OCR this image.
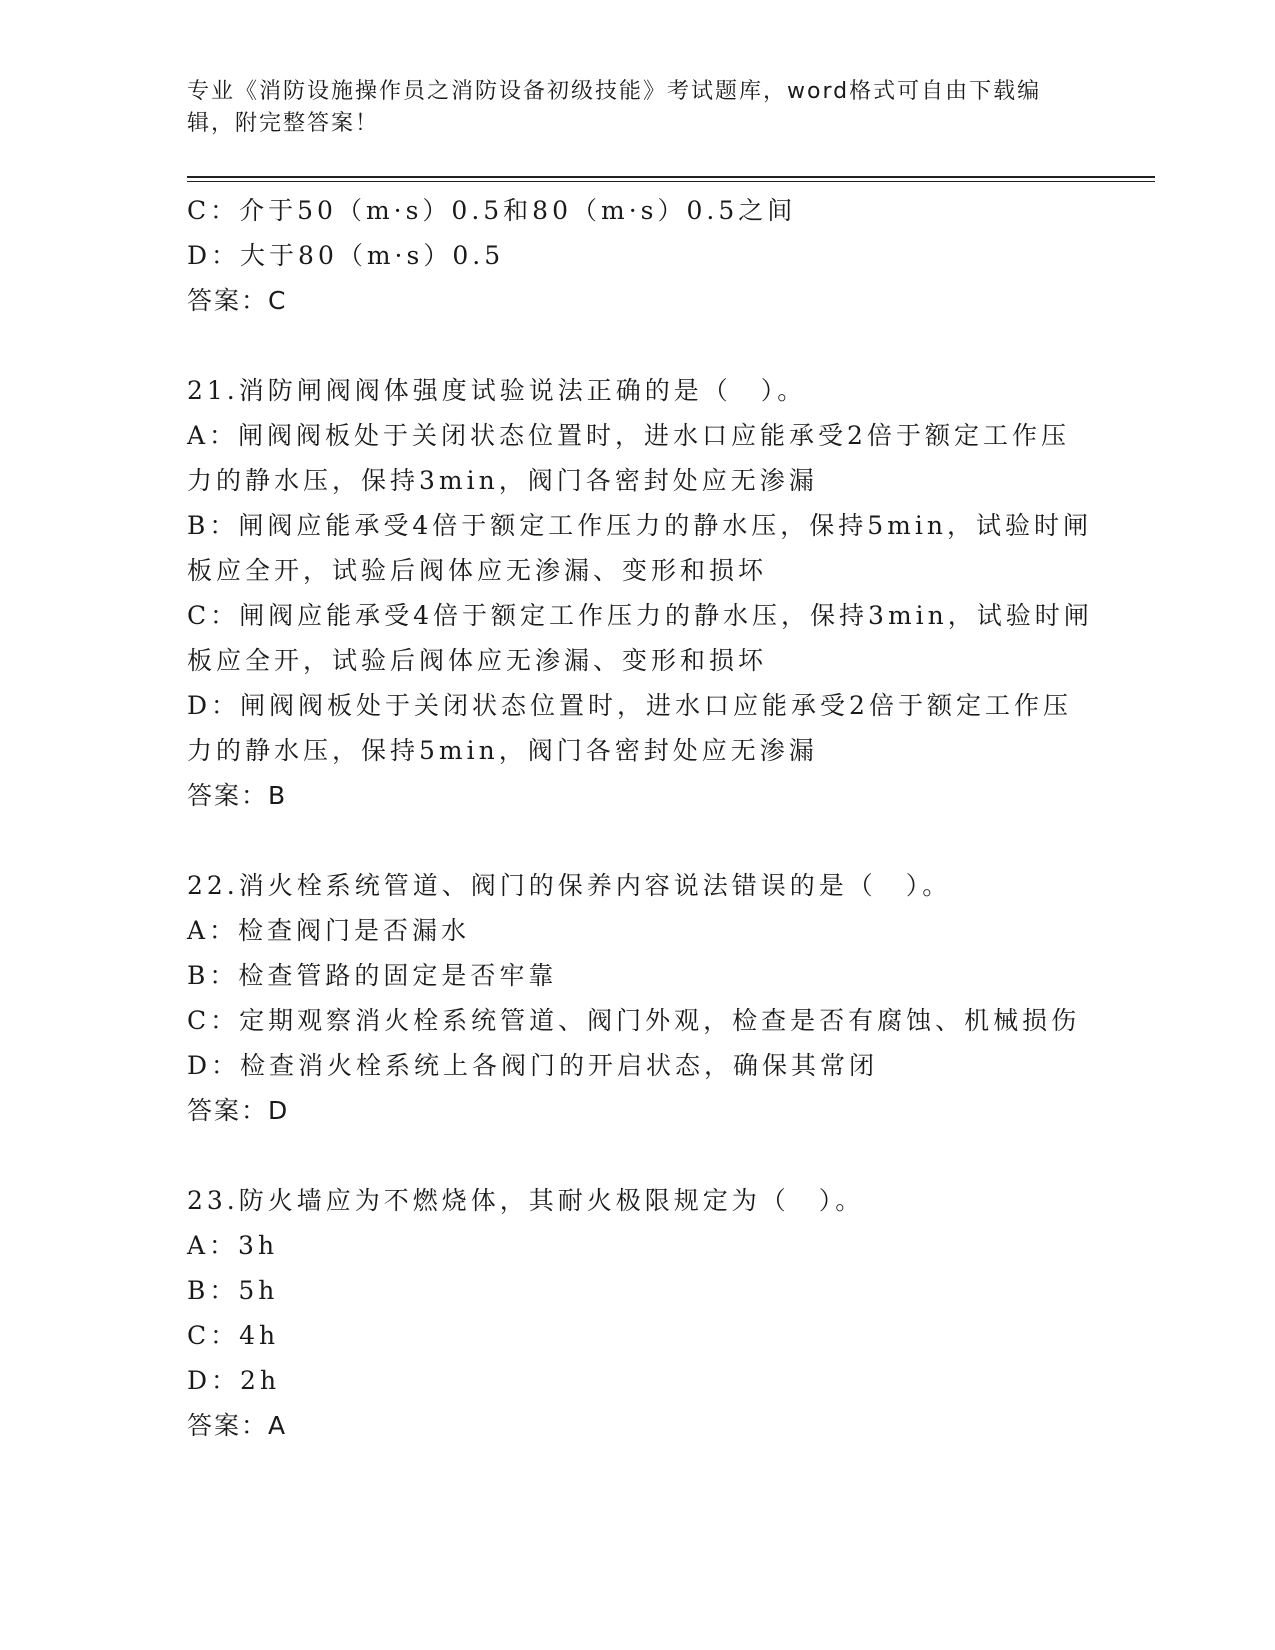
专业《消防设施操作员之消防设备初级技能》考试题库，word格式可自由下载编
辑，附完整答案！
C：介于50（m·s）0.5和80（m·s）0.5之间
D：大于80（m·s）0.5
答案：C
21.消防闸阀阀体强度试验说法正确的是（　）。
A：闸阀阀板处于关闭状态位置时，进水口应能承受2倍于额定工作压
力的静水压，保持3min，阀门各密封处应无渗漏
B：闸阀应能承受4倍于额定工作压力的静水压，保持5min，试验时闸
板应全开，试验后阀体应无渗漏、变形和损坏
C：闸阀应能承受4倍于额定工作压力的静水压，保持3min，试验时闸
板应全开，试验后阀体应无渗漏、变形和损坏
D：闸阀阀板处于关闭状态位置时，进水口应能承受2倍于额定工作压
力的静水压，保持5min，阀门各密封处应无渗漏
答案：B
22.消火栓系统管道、阀门的保养内容说法错误的是（　）。
A：检查阀门是否漏水
B：检查管路的固定是否牢靠
C：定期观察消火栓系统管道、阀门外观，检查是否有腐蚀、机械损伤
D：检查消火栓系统上各阀门的开启状态，确保其常闭
答案：D
23.防火墙应为不燃烧体，其耐火极限规定为（　）。
A：3h
B：5h
C：4h
D：2h
答案：A
